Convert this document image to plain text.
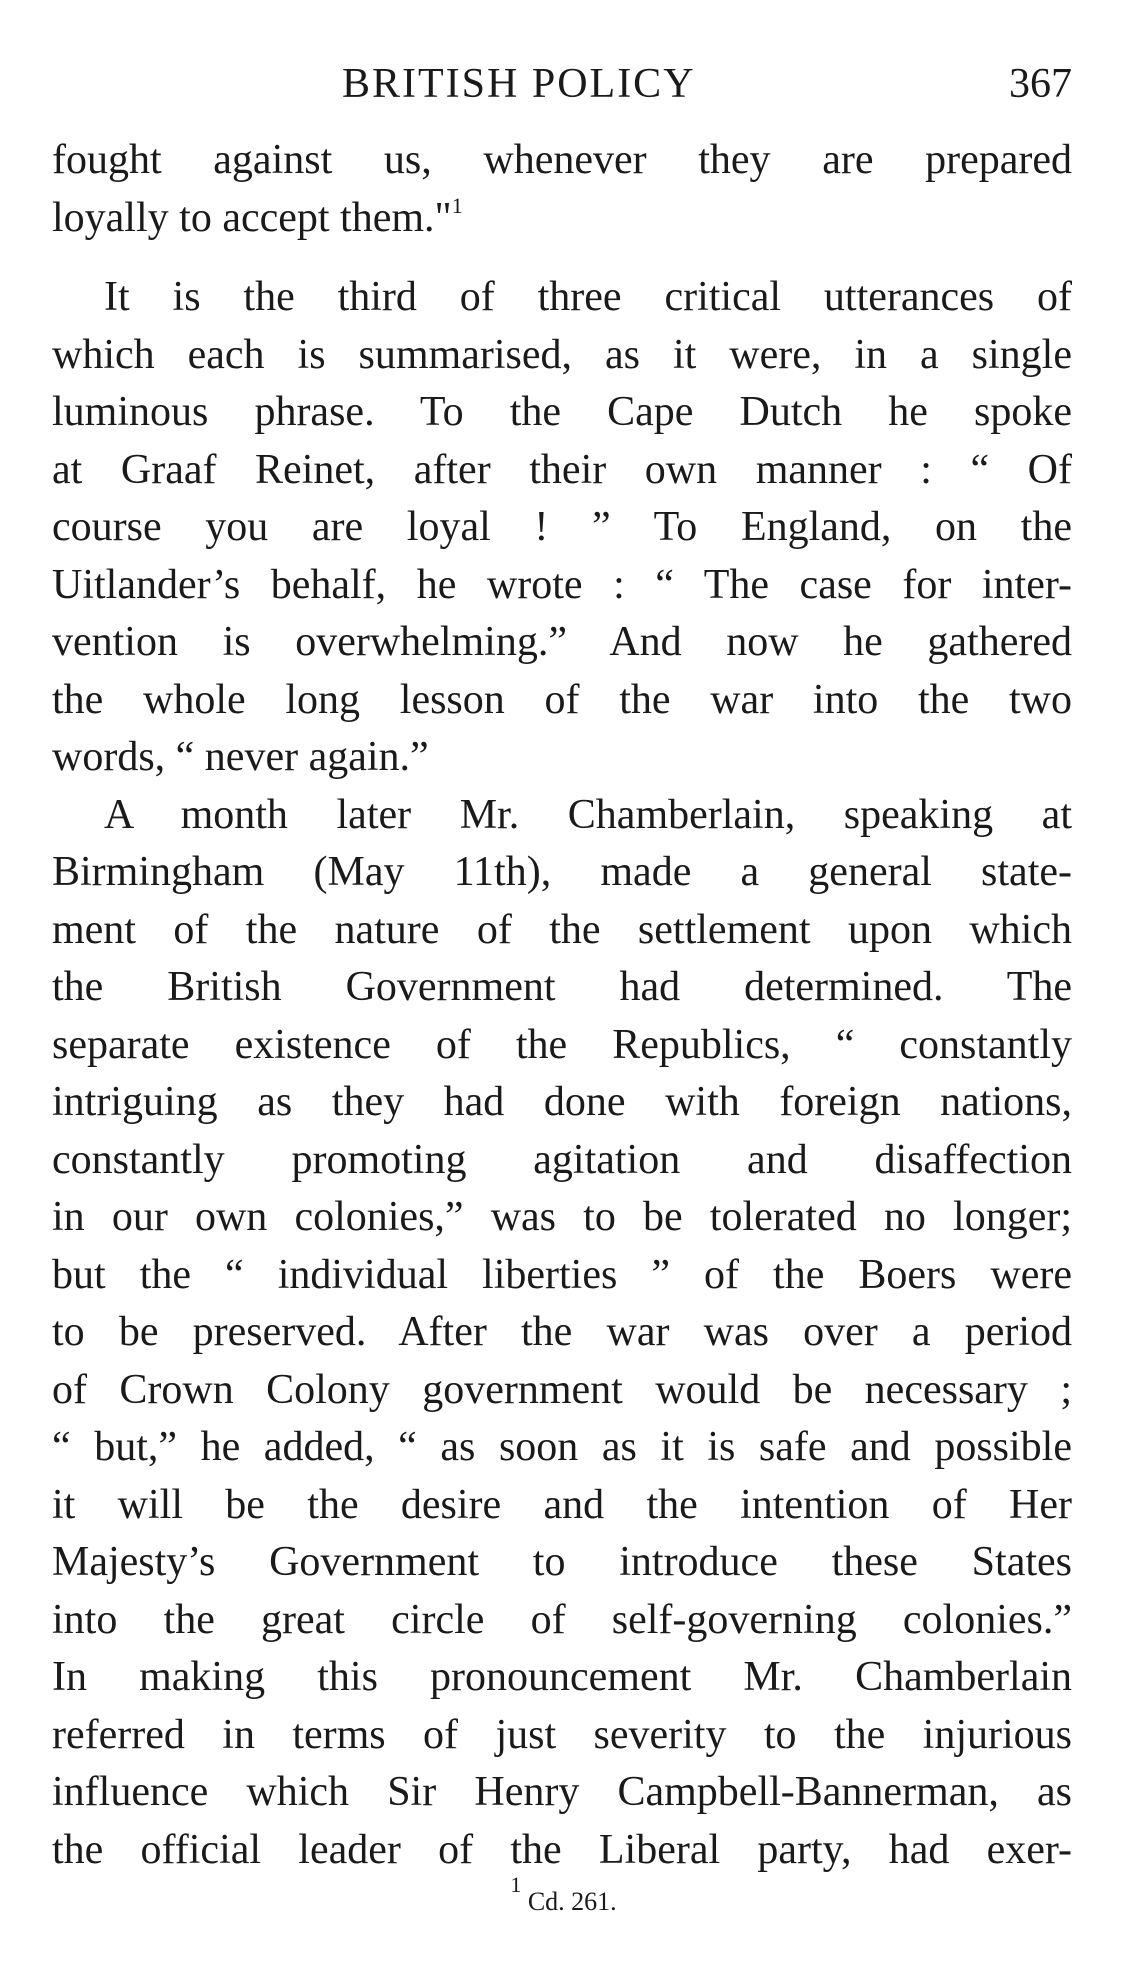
BRITISH POLICY	367
fought against us, whenever they are prepared
loyally to accept them."$^1$
It is the third of three critical utterances of
which each is summarised, as it were, in a single
luminous phrase. To the Cape Dutch he spoke
at Graaf Reinet, after their own manner : “ Of
course you are loyal ! ” To England, on the
Uitlander’s behalf, he wrote : “ The case for inter-
vention is overwhelming.” And now he gathered
the whole long lesson of the war into the two
words, “ never again.”
A month later Mr. Chamberlain, speaking at
Birmingham (May 11th), made a general state-
ment of the nature of the settlement upon which
the British Government had determined. The
separate existence of the Republics, “ constantly
intriguing as they had done with foreign nations,
constantly promoting agitation and disaffection
in our own colonies,” was to be tolerated no longer;
but the “ individual liberties ” of the Boers were
to be preserved. After the war was over a period
of Crown Colony government would be necessary ;
“ but,” he added, “ as soon as it is safe and possible
it will be the desire and the intention of Her
Majesty’s Government to introduce these States
into the great circle of self-governing colonies.”
In making this pronouncement Mr. Chamberlain
referred in terms of just severity to the injurious
influence which Sir Henry Campbell-Bannerman, as
the official leader of the Liberal party, had exer-
$^1$ Cd. 261.
